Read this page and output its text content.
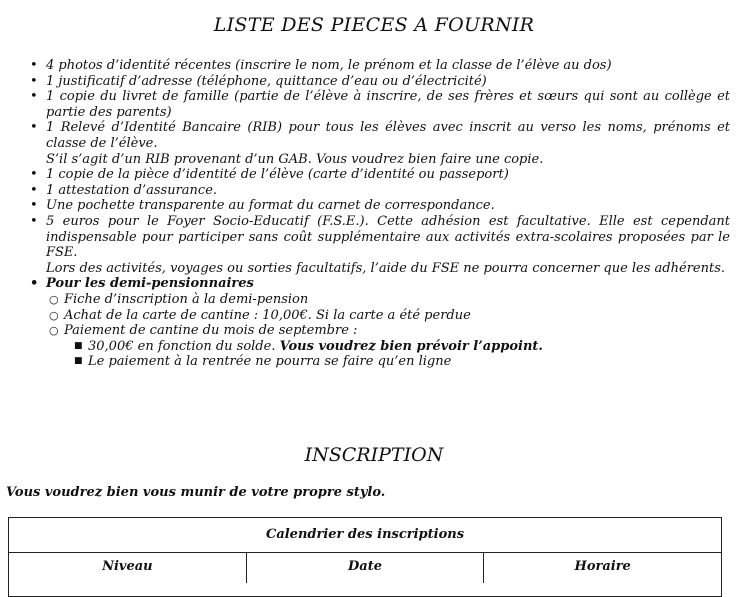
LISTE DES PIECES A FOURNIR
• 4 photos d’identité récentes (inscrire le nom, le prénom et la classe de l’élève au dos)

• 1 justificatif d’adresse (téléphone, quittance d’eau ou d’électricité)

• 1 copie du livret de famille (partie de l’élève à inscrire, de ses frères et sœurs qui sont au collège et partie des parents)

• 1 Relevé d’Identité Bancaire (RIB) pour tous les élèves avec inscrit au verso les noms, prénoms et classe de l’élève.

S’il s’agit d’un RIB provenant d’un GAB. Vous voudrez bien faire une copie.

• 1 copie de la pièce d’identité de l’élève (carte d’identité ou passeport)

• 1 attestation d’assurance.

• Une pochette transparente au format du carnet de correspondance.

• 5 euros pour le Foyer Socio-Educatif (F.S.E.). Cette adhésion est facultative. Elle est cependant indispensable pour participer sans coût supplémentaire aux activités extra-scolaires proposées par le FSE.

Lors des activités, voyages ou sorties facultatifs, l’aide du FSE ne pourra concerner que les adhérents.

• Pour les demi-pensionnaires

○ Fiche d’inscription à la demi-pension
○ Achat de la carte de cantine : 10,00€. Si la carte a été perdue
○ Paiement de cantine du mois de septembre :
■ 30,00€ en fonction du solde. Vous voudrez bien prévoir l’appoint.
■ Le paiement à la rentrée ne pourra se faire qu’en ligne
INSCRIPTION
Vous voudrez bien vous munir de votre propre stylo.
Calendrier des inscriptions
Niveau	Date	Horaire
